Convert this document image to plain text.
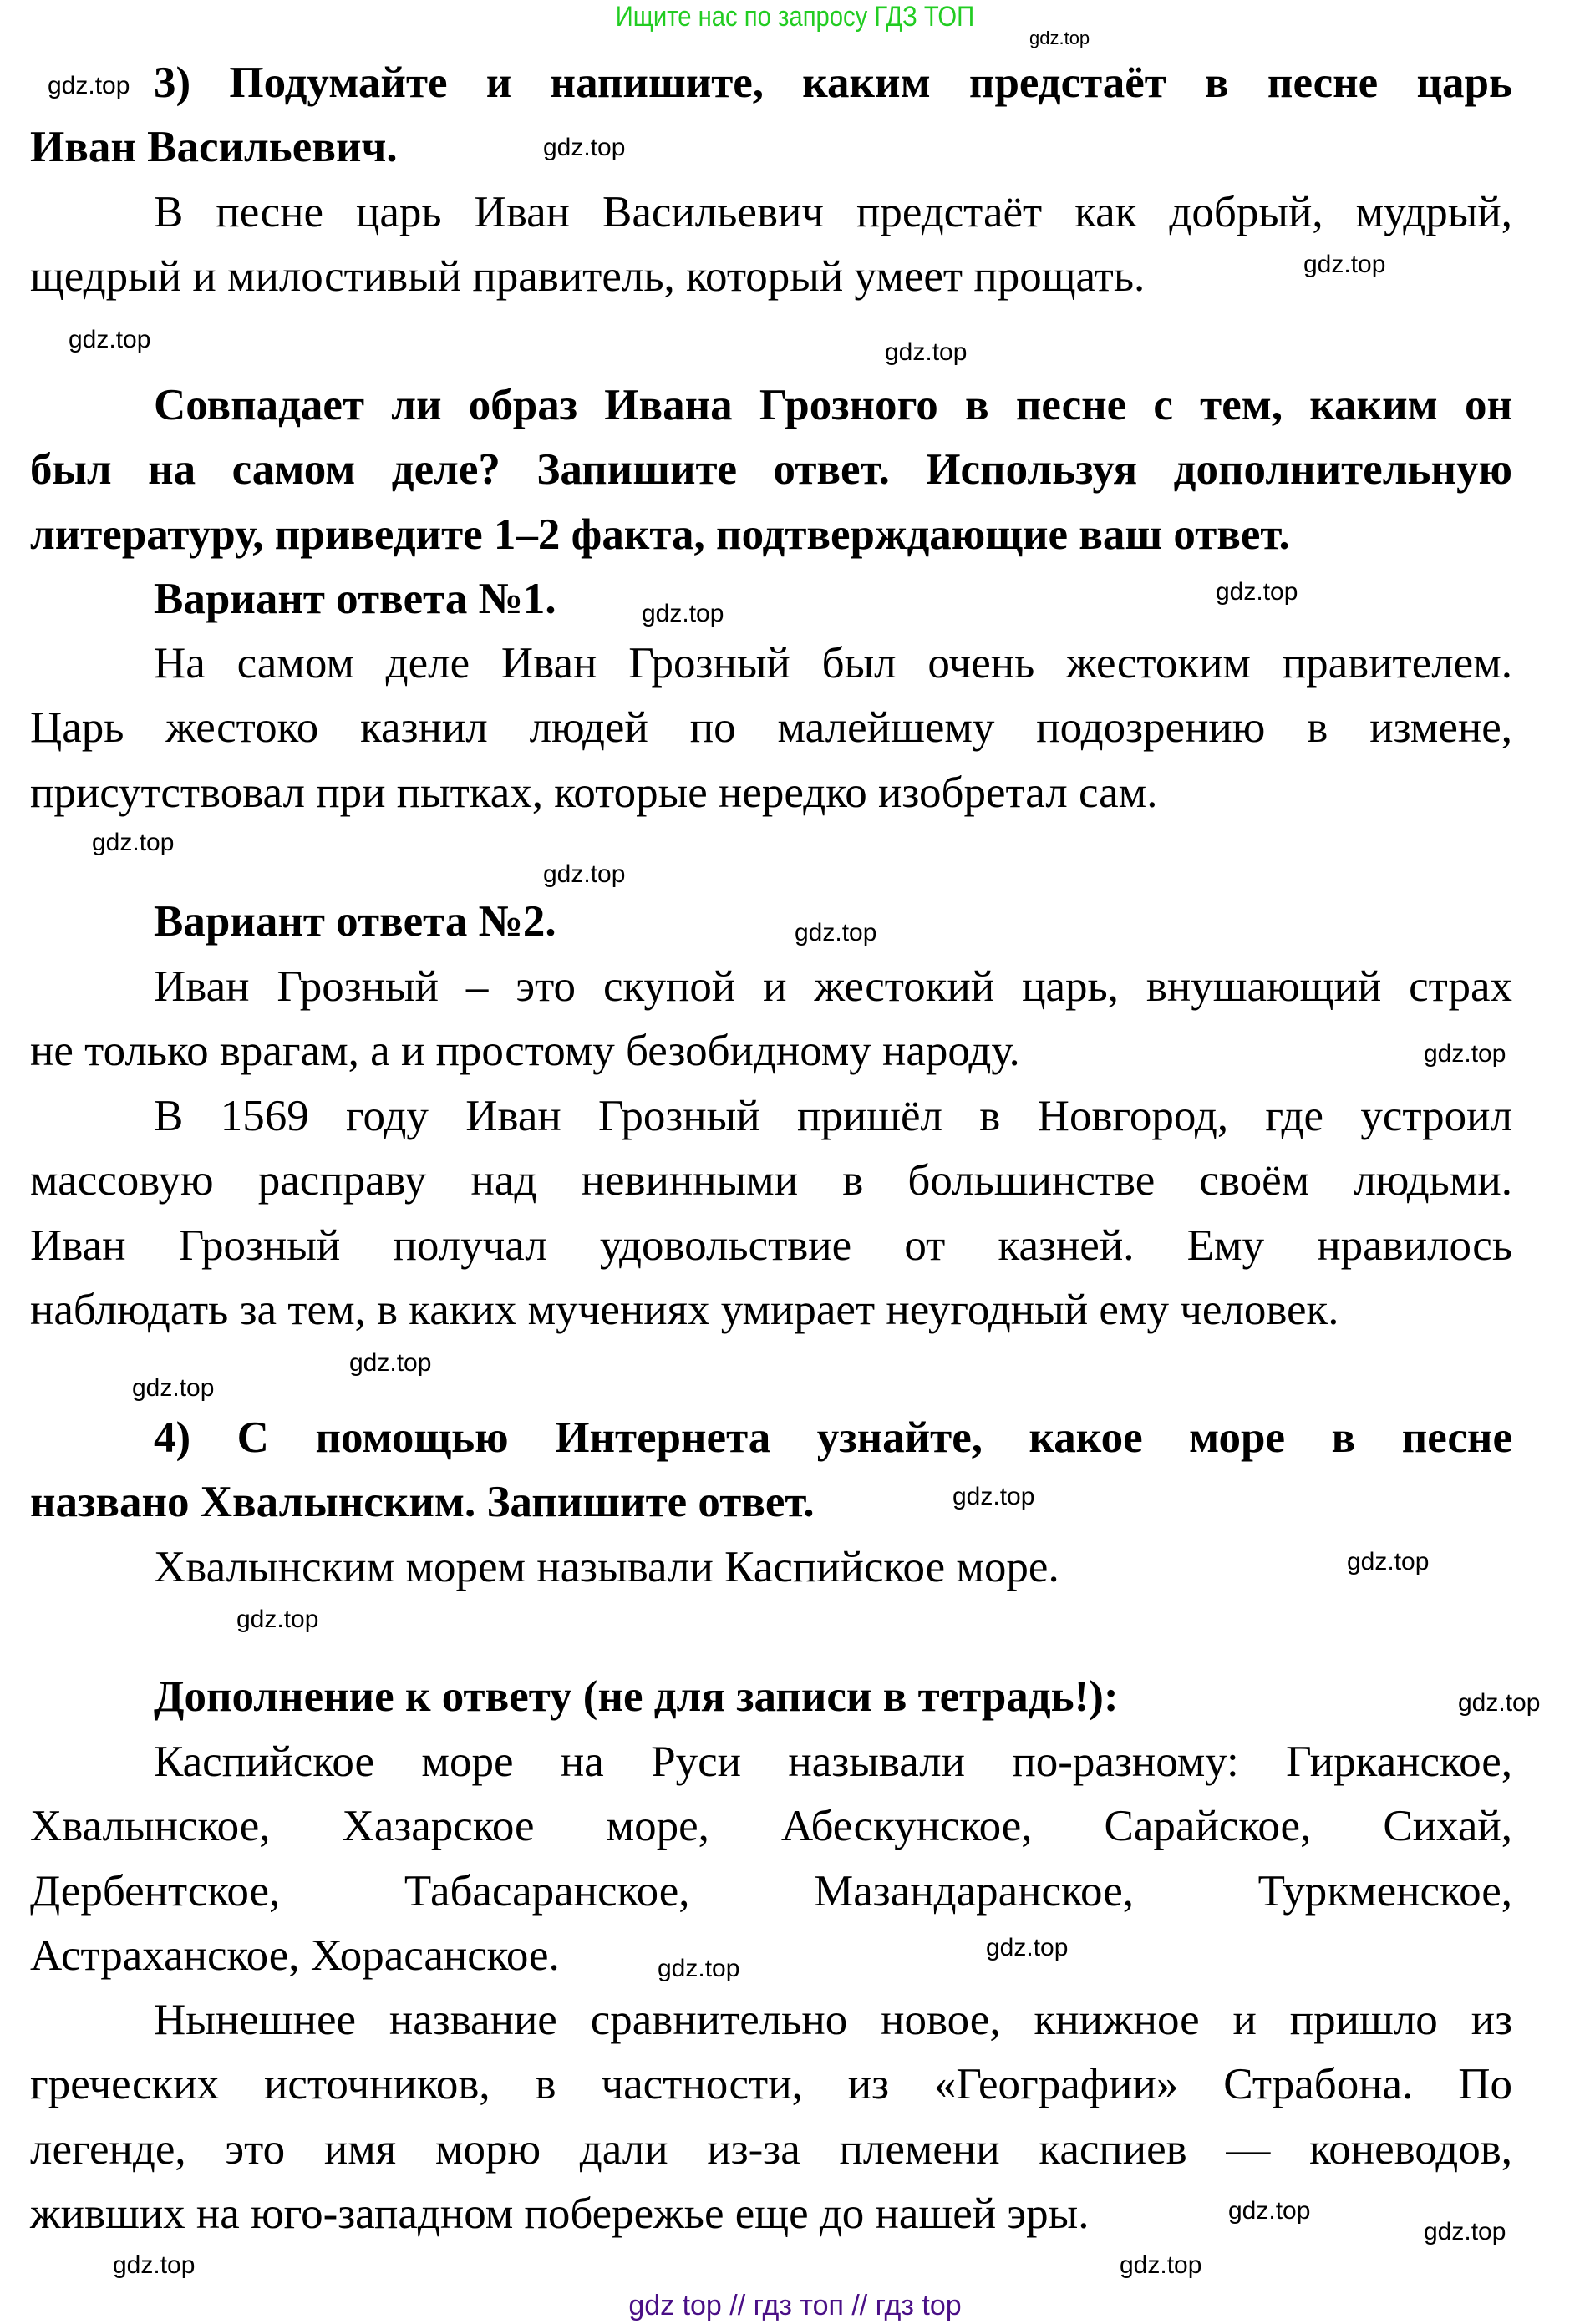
Ищите нас по запросу ГДЗ ТОП
3) Подумайте и напишите, каким предстаёт в песне царь
Иван Васильевич.
В песне царь Иван Васильевич предстаёт как добрый, мудрый,
щедрый и милостивый правитель, который умеет прощать.
Совпадает ли образ Ивана Грозного в песне с тем, каким он
был на самом деле? Запишите ответ. Используя дополнительную
литературу, приведите 1–2 факта, подтверждающие ваш ответ.
Вариант ответа №1.
На самом деле Иван Грозный был очень жестоким правителем.
Царь жестоко казнил людей по малейшему подозрению в измене,
присутствовал при пытках, которые нередко изобретал сам.
Вариант ответа №2.
Иван Грозный – это скупой и жестокий царь, внушающий страх
не только врагам, а и простому безобидному народу.
В 1569 году Иван Грозный пришёл в Новгород, где устроил
массовую расправу над невинными в большинстве своём людьми.
Иван Грозный получал удовольствие от казней. Ему нравилось
наблюдать за тем, в каких мучениях умирает неугодный ему человек.
4) С помощью Интернета узнайте, какое море в песне
названо Хвалынским. Запишите ответ.
Хвалынским морем называли Каспийское море.
Дополнение к ответу (не для записи в тетрадь!):
Каспийское море на Руси называли по-разному: Гирканское,
Хвалынское, Хазарское море, Абескунское, Сарайское, Сихай,
Дербентское, Табасаранское, Мазандаранское, Туркменское,
Астраханское, Хорасанское.
Нынешнее название сравнительно новое, книжное и пришло из
греческих источников, в частности, из «Географии» Страбона. По
легенде, это имя морю дали из-за племени каспиев — коневодов,
живших на юго-западном побережье еще до нашей эры.
gdz.top
gdz.top
gdz.top
gdz.top
gdz.top	gdz.top
gdz.top
gdz.top
gdz.top
gdz.top
gdz.top
gdz.top
gdz.top
gdz.top
gdz.top
gdz.top
gdz.top
gdz.top
gdz.top
gdz.top
gdz.top
gdz.top
gdz.top
gdz.top
gdz top // гдз топ // гдз top
